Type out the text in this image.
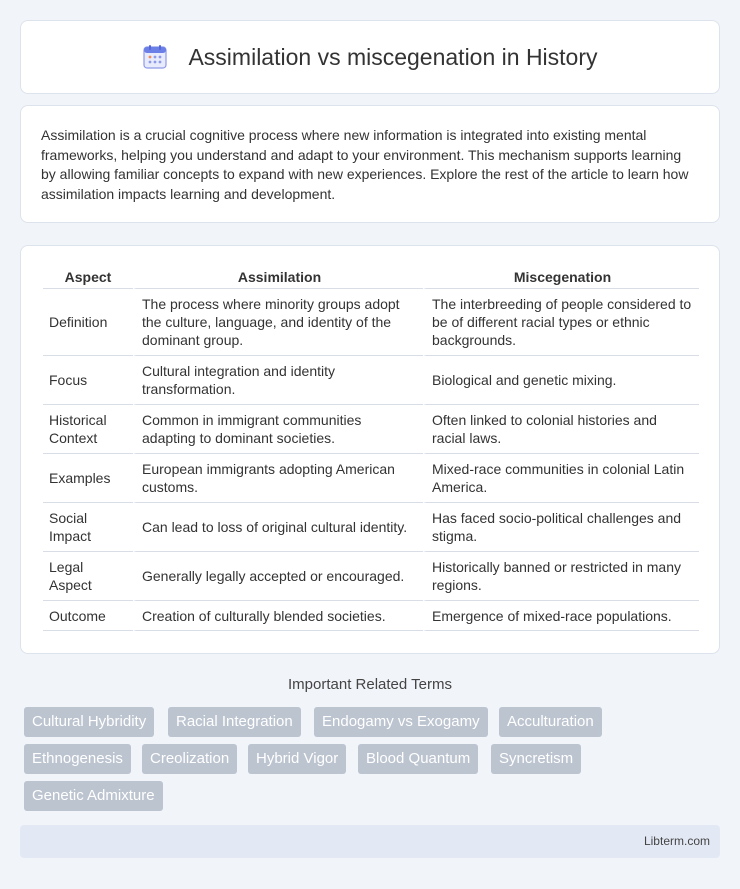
Assimilation vs miscegenation in History

Assimilation is a crucial cognitive process where new information is integrated into existing mental frameworks, helping you understand and adapt to your environment. This mechanism supports learning by allowing familiar concepts to expand with new experiences. Explore the rest of the article to learn how assimilation impacts learning and development.

Aspect	Assimilation	Miscegenation
Definition	The process where minority groups adopt the culture, language, and identity of the dominant group.	The interbreeding of people considered to be of different racial types or ethnic backgrounds.
Focus	Cultural integration and identity transformation.	Biological and genetic mixing.
Historical Context	Common in immigrant communities adapting to dominant societies.	Often linked to colonial histories and racial laws.
Examples	European immigrants adopting American customs.	Mixed-race communities in colonial Latin America.
Social Impact	Can lead to loss of original cultural identity.	Has faced socio-political challenges and stigma.
Legal Aspect	Generally legally accepted or encouraged.	Historically banned or restricted in many regions.
Outcome	Creation of culturally blended societies.	Emergence of mixed-race populations.
Important Related Terms
Cultural Hybridity	Racial Integration	Endogamy vs Exogamy	Acculturation
Ethnogenesis	Creolization	Hybrid Vigor	Blood Quantum	Syncretism
Genetic Admixture
Libterm.com
